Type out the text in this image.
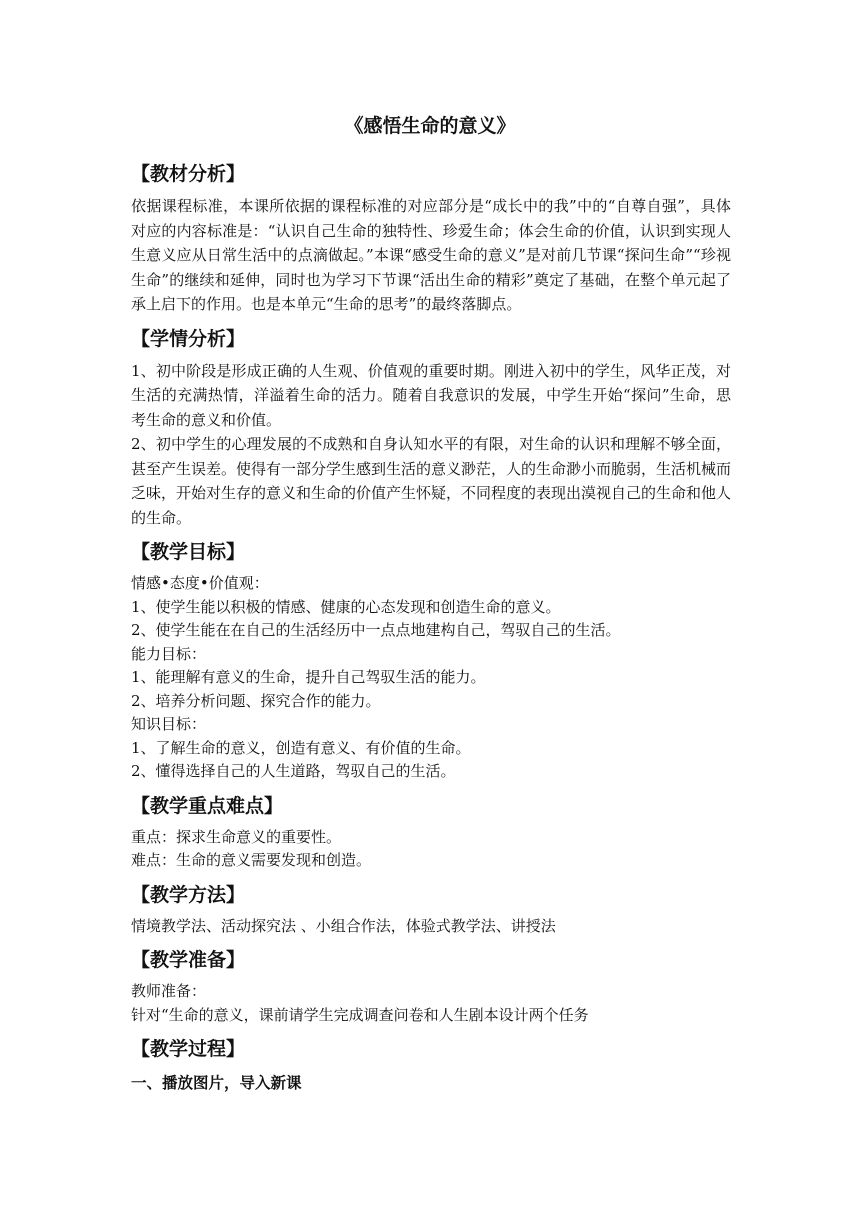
《感悟生命的意义》
【教材分析】

依据课程标准，本课所依据的课程标准的对应部分是“成长中的我”中的“自尊自强”，具体对应的内容标准是：“认识自己生命的独特性、珍爱生命；体会生命的价值，认识到实现人生意义应从日常生活中的点滴做起。”本课“感受生命的意义”是对前几节课“探问生命”“珍视生命”的继续和延伸，同时也为学习下节课“活出生命的精彩”奠定了基础，在整个单元起了承上启下的作用。也是本单元“生命的思考”的最终落脚点。

【学情分析】

1、初中阶段是形成正确的人生观、价值观的重要时期。刚进入初中的学生，风华正茂，对生活的充满热情，洋溢着生命的活力。随着自我意识的发展，中学生开始“探问”生命，思考生命的意义和价值。

2、初中学生的心理发展的不成熟和自身认知水平的有限，对生命的认识和理解不够全面，甚至产生误差。使得有一部分学生感到生活的意义渺茫，人的生命渺小而脆弱，生活机械而乏味，开始对生存的意义和生命的价值产生怀疑，不同程度的表现出漠视自己的生命和他人的生命。

【教学目标】

情感•态度•价值观：

1、使学生能以积极的情感、健康的心态发现和创造生命的意义。

2、使学生能在在自己的生活经历中一点点地建构自己，驾驭自己的生活。

能力目标：

1、能理解有意义的生命，提升自己驾驭生活的能力。

2、培养分析问题、探究合作的能力。

知识目标：

1、了解生命的意义，创造有意义、有价值的生命。

2、懂得选择自己的人生道路，驾驭自己的生活。

【教学重点难点】

重点：探求生命意义的重要性。

难点：生命的意义需要发现和创造。

【教学方法】

情境教学法、活动探究法 、小组合作法，体验式教学法、讲授法

【教学准备】

教师准备：

针对“生命的意义，课前请学生完成调查问卷和人生剧本设计两个任务

【教学过程】

一、播放图片，导入新课
